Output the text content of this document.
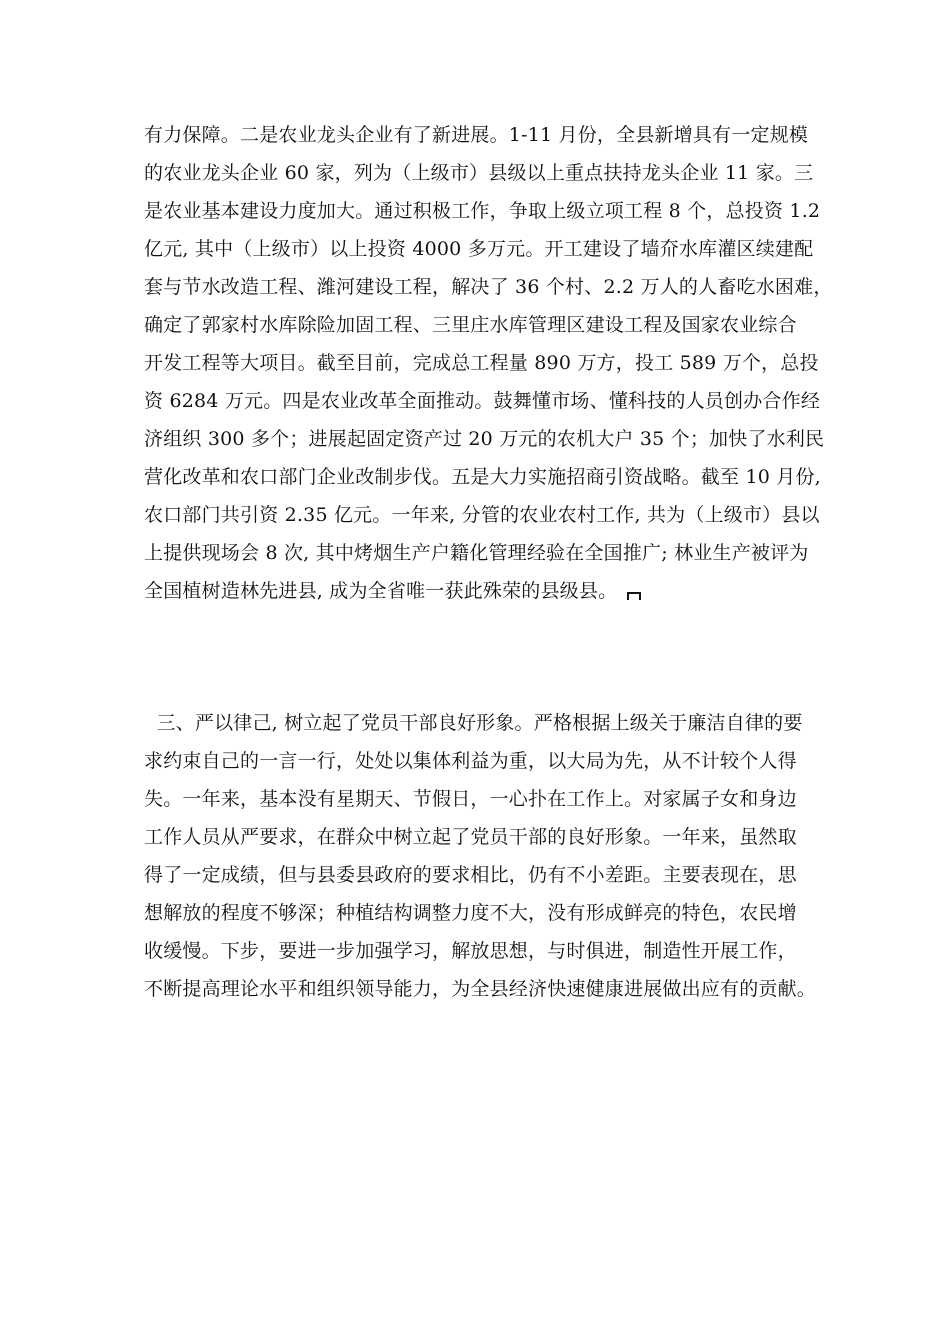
有力保障。二是农业龙头企业有了新进展。1-11 月份，全县新增具有一定规模
的农业龙头企业 60 家，列为（上级市）县级以上重点扶持龙头企业 11 家。三
是农业基本建设力度加大。通过积极工作，争取上级立项工程 8 个，总投资 1.2
亿元, 其中（上级市）以上投资 4000 多万元。开工建设了墙夼水库灌区续建配
套与节水改造工程、潍河建设工程，解决了 36 个村、2.2 万人的人畜吃水困难，
确定了郭家村水库除险加固工程、三里庄水库管理区建设工程及国家农业综合
开发工程等大项目。截至目前，完成总工程量 890 万方，投工 589 万个，总投
资 6284 万元。四是农业改革全面推动。鼓舞懂市场、懂科技的人员创办合作经
济组织 300 多个；进展起固定资产过 20 万元的农机大户 35 个；加快了水利民
营化改革和农口部门企业改制步伐。五是大力实施招商引资战略。截至 10 月份,
农口部门共引资 2.35 亿元。一年来, 分管的农业农村工作, 共为（上级市）县以
上提供现场会 8 次, 其中烤烟生产户籍化管理经验在全国推广; 林业生产被评为
全国植树造林先进县, 成为全省唯一获此殊荣的县级县。
三、严以律己, 树立起了党员干部良好形象。严格根据上级关于廉洁自律的要
求约束自己的一言一行，处处以集体利益为重，以大局为先，从不计较个人得
失。一年来，基本没有星期天、节假日，一心扑在工作上。对家属子女和身边
工作人员从严要求，在群众中树立起了党员干部的良好形象。一年来，虽然取
得了一定成绩，但与县委县政府的要求相比，仍有不小差距。主要表现在，思
想解放的程度不够深；种植结构调整力度不大，没有形成鲜亮的特色，农民增
收缓慢。下步，要进一步加强学习，解放思想，与时俱进，制造性开展工作，
不断提高理论水平和组织领导能力，为全县经济快速健康进展做出应有的贡献。
